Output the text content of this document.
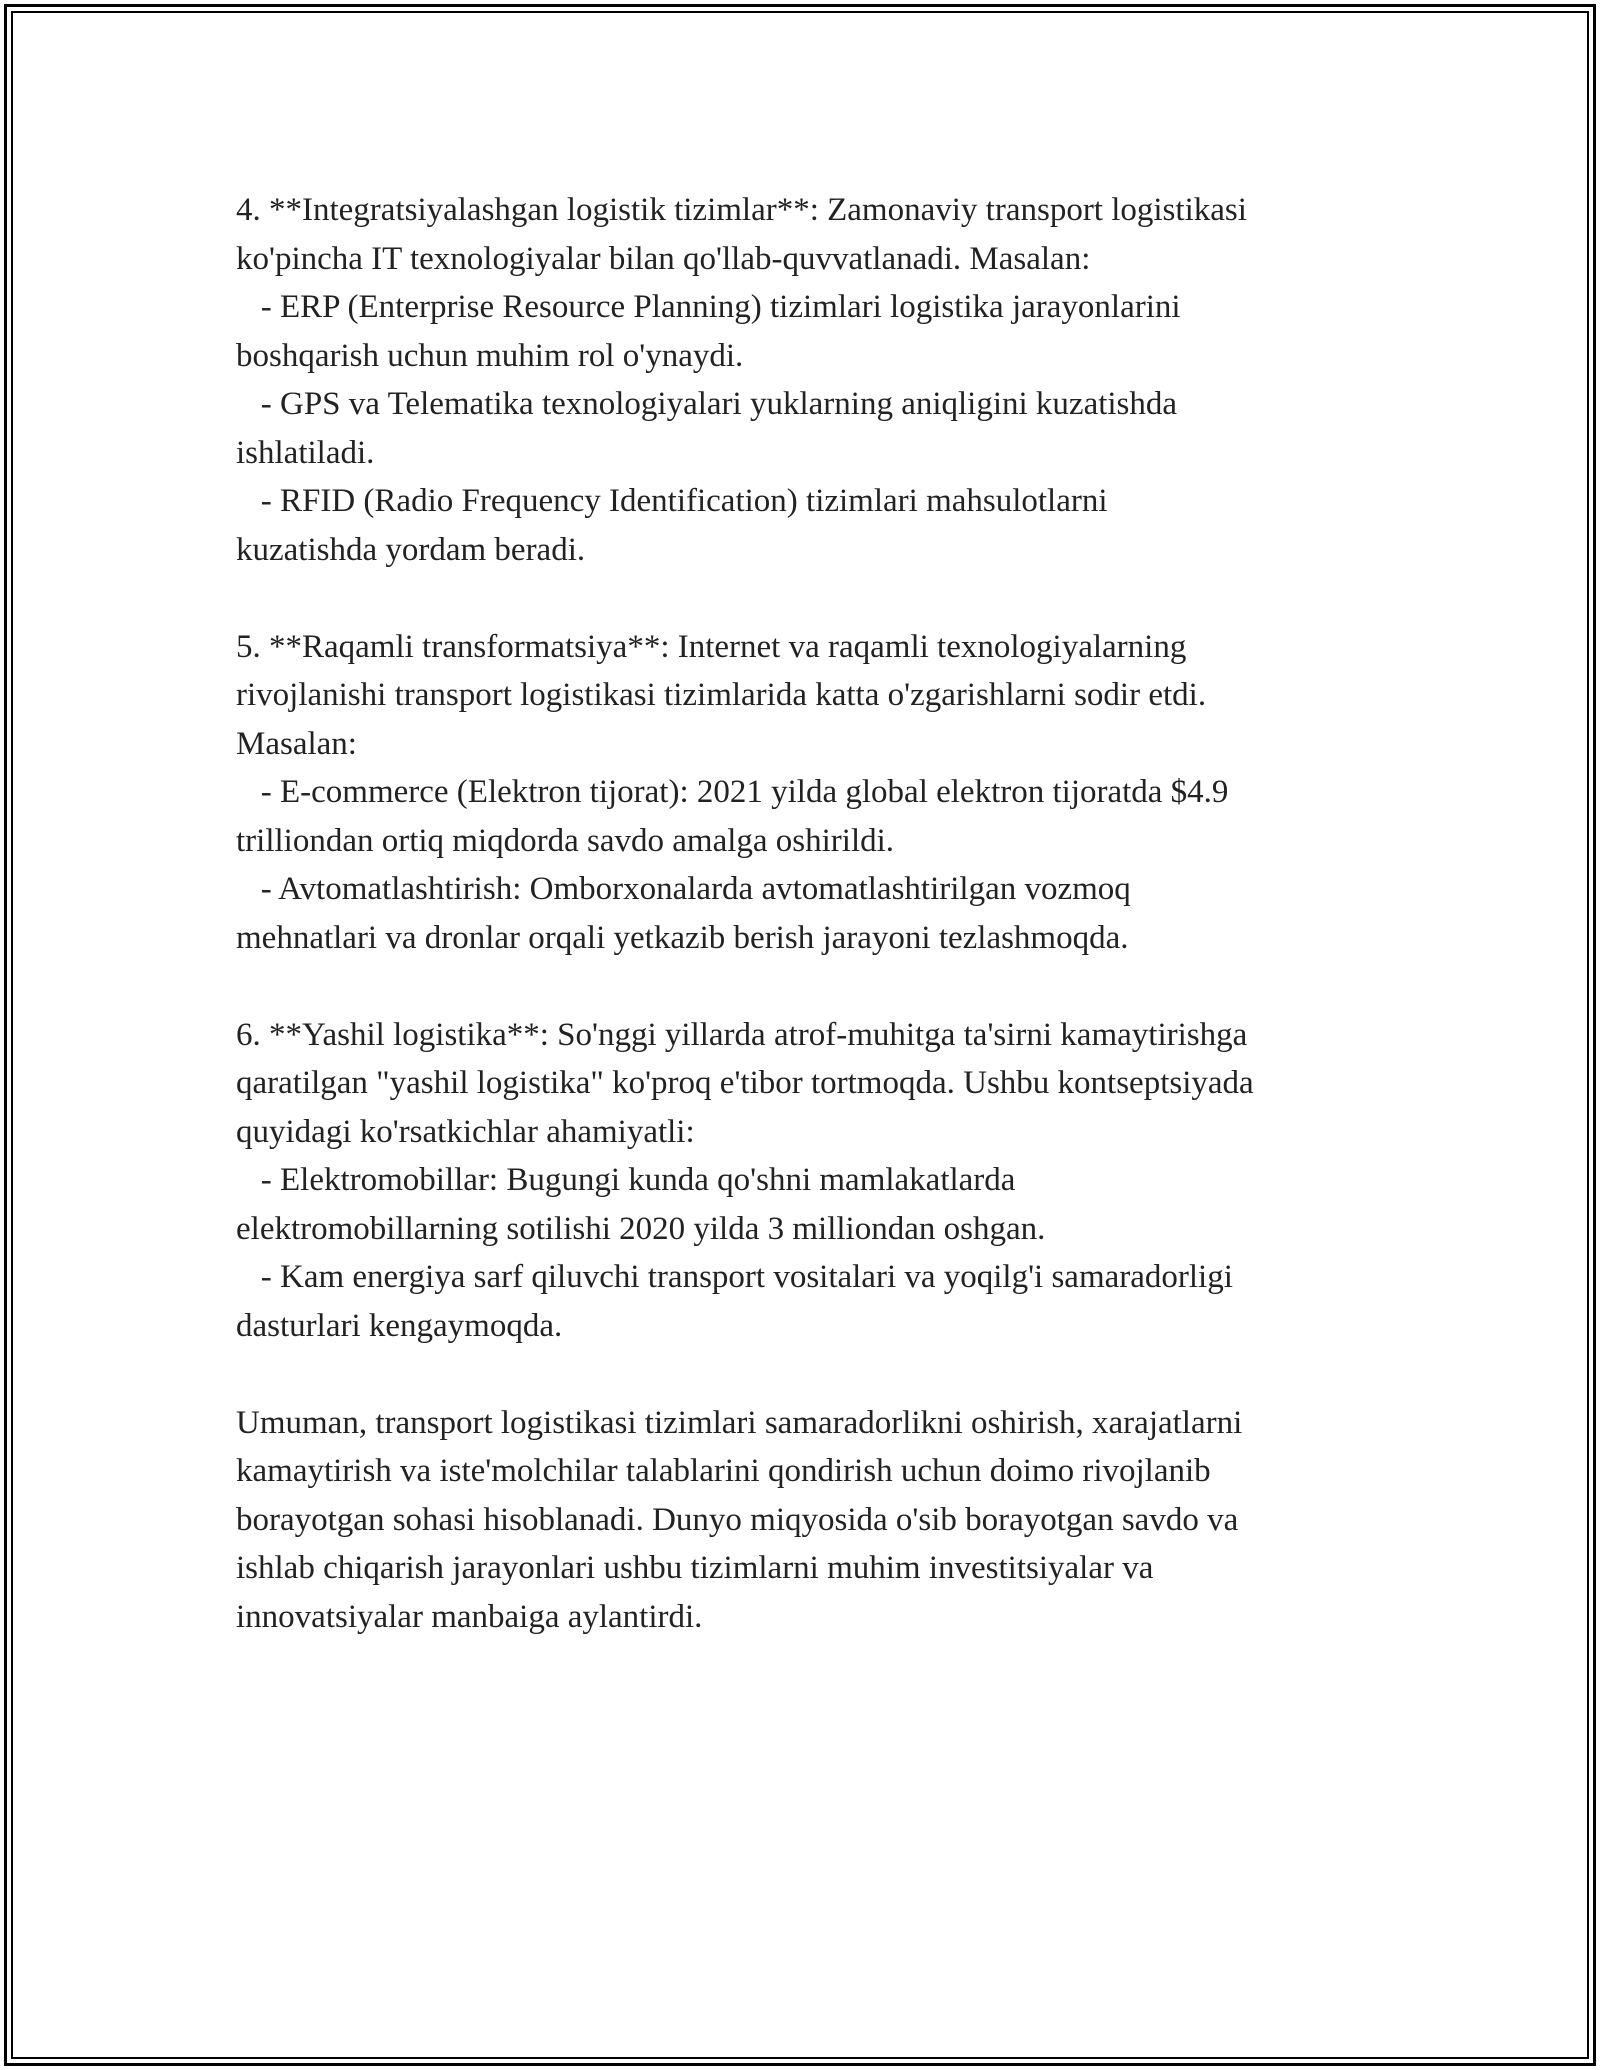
4. **Integratsiyalashgan logistik tizimlar**: Zamonaviy transport logistikasi
ko'pincha IT texnologiyalar bilan qo'llab-quvvatlanadi. Masalan:
- ERP (Enterprise Resource Planning) tizimlari logistika jarayonlarini
boshqarish uchun muhim rol o'ynaydi.
- GPS va Telematika texnologiyalari yuklarning aniqligini kuzatishda
ishlatiladi.
- RFID (Radio Frequency Identification) tizimlari mahsulotlarni
kuzatishda yordam beradi.
5. **Raqamli transformatsiya**: Internet va raqamli texnologiyalarning
rivojlanishi transport logistikasi tizimlarida katta o'zgarishlarni sodir etdi.
Masalan:
- E-commerce (Elektron tijorat): 2021 yilda global elektron tijoratda $4.9
trilliondan ortiq miqdorda savdo amalga oshirildi.
- Avtomatlashtirish: Omborxonalarda avtomatlashtirilgan vozmoq
mehnatlari va dronlar orqali yetkazib berish jarayoni tezlashmoqda.
6. **Yashil logistika**: So'nggi yillarda atrof-muhitga ta'sirni kamaytirishga
qaratilgan "yashil logistika" ko'proq e'tibor tortmoqda. Ushbu kontseptsiyada
quyidagi ko'rsatkichlar ahamiyatli:
- Elektromobillar: Bugungi kunda qo'shni mamlakatlarda
elektromobillarning sotilishi 2020 yilda 3 milliondan oshgan.
- Kam energiya sarf qiluvchi transport vositalari va yoqilg'i samaradorligi
dasturlari kengaymoqda.
Umuman, transport logistikasi tizimlari samaradorlikni oshirish, xarajatlarni
kamaytirish va iste'molchilar talablarini qondirish uchun doimo rivojlanib
borayotgan sohasi hisoblanadi. Dunyo miqyosida o'sib borayotgan savdo va
ishlab chiqarish jarayonlari ushbu tizimlarni muhim investitsiyalar va
innovatsiyalar manbaiga aylantirdi.
